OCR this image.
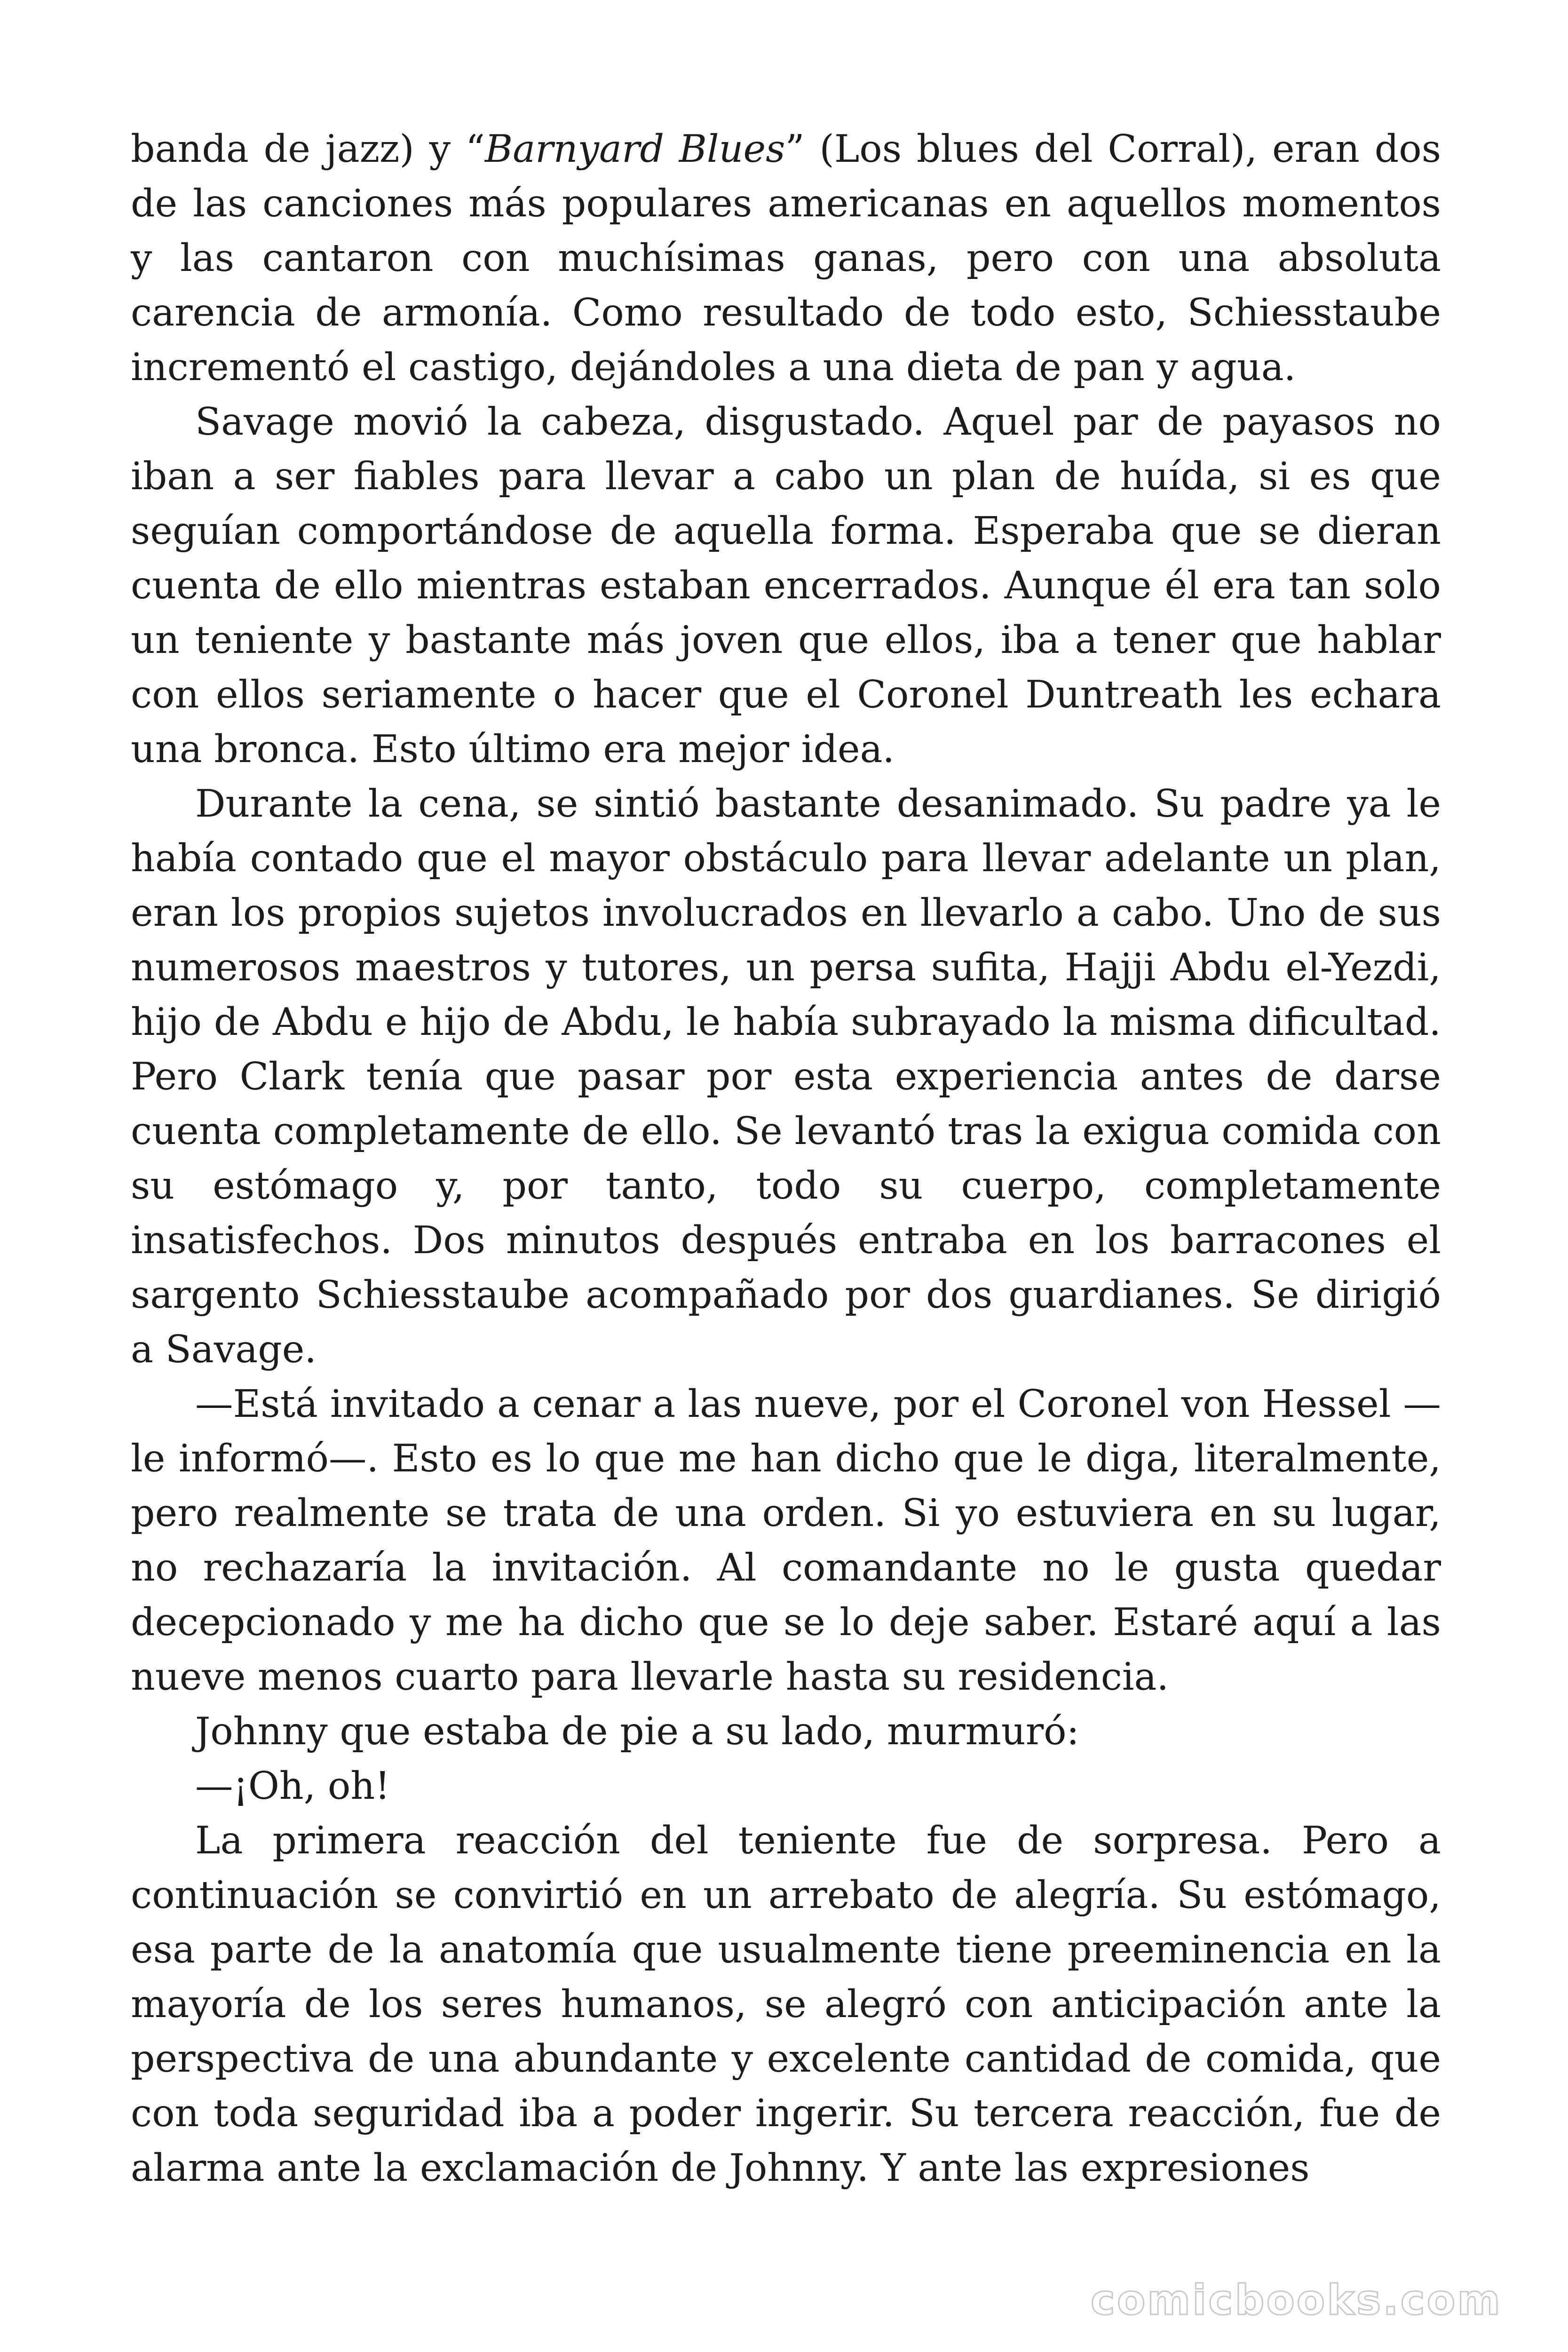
banda de jazz) y “Barnyard Blues” (Los blues del Corral), eran dos de las canciones más populares americanas en aquellos momentos y las cantaron con muchísimas ganas, pero con una absoluta carencia de armonía. Como resultado de todo esto, Schiesstaube incrementó el castigo, dejándoles a una dieta de pan y agua.

Savage movió la cabeza, disgustado. Aquel par de payasos no iban a ser fiables para llevar a cabo un plan de huída, si es que seguían comportándose de aquella forma. Esperaba que se dieran cuenta de ello mientras estaban encerrados. Aunque él era tan solo un teniente y bastante más joven que ellos, iba a tener que hablar con ellos seriamente o hacer que el Coronel Duntreath les echara una bronca. Esto último era mejor idea.

Durante la cena, se sintió bastante desanimado. Su padre ya le había contado que el mayor obstáculo para llevar adelante un plan, eran los propios sujetos involucrados en llevarlo a cabo. Uno de sus numerosos maestros y tutores, un persa sufita, Hajji Abdu el-Yezdi, hijo de Abdu e hijo de Abdu, le había subrayado la misma dificultad. Pero Clark tenía que pasar por esta experiencia antes de darse cuenta completamente de ello. Se levantó tras la exigua comida con su estómago y, por tanto, todo su cuerpo, completamente insatisfechos. Dos minutos después entraba en los barracones el sargento Schiesstaube acompañado por dos guardianes. Se dirigió a Savage.

—Está invitado a cenar a las nueve, por el Coronel von Hessel —le informó—. Esto es lo que me han dicho que le diga, literalmente, pero realmente se trata de una orden. Si yo estuviera en su lugar, no rechazaría la invitación. Al comandante no le gusta quedar decepcionado y me ha dicho que se lo deje saber. Estaré aquí a las nueve menos cuarto para llevarle hasta su residencia.

Johnny que estaba de pie a su lado, murmuró:

—¡Oh, oh!

La primera reacción del teniente fue de sorpresa. Pero a continuación se convirtió en un arrebato de alegría. Su estómago, esa parte de la anatomía que usualmente tiene preeminencia en la mayoría de los seres humanos, se alegró con anticipación ante la perspectiva de una abundante y excelente cantidad de comida, que con toda seguridad iba a poder ingerir. Su tercera reacción, fue de alarma ante la exclamación de Johnny. Y ante las expresiones

comicbooks.com
